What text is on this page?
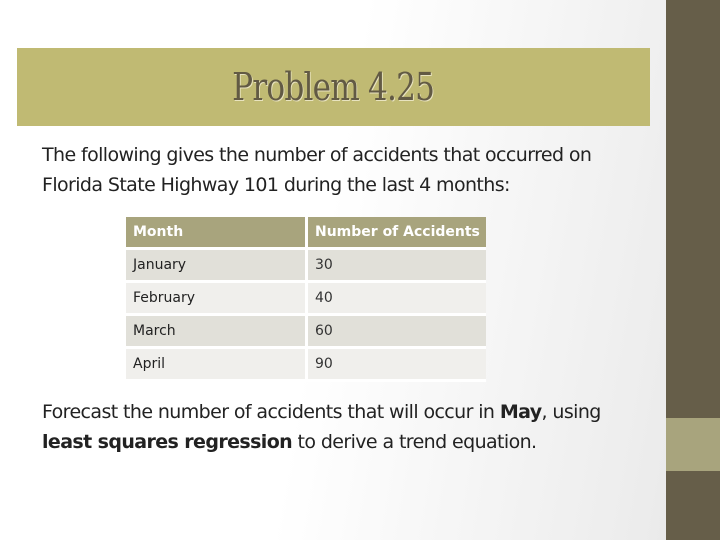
Problem 4.25
The following gives the number of accidents that occurred on Florida State Highway 101 during the last 4 months:
Month	Number of Accidents
January	30
February	40
March	60
April	90
Forecast the number of accidents that will occur in May, using least squares regression to derive a trend equation.
